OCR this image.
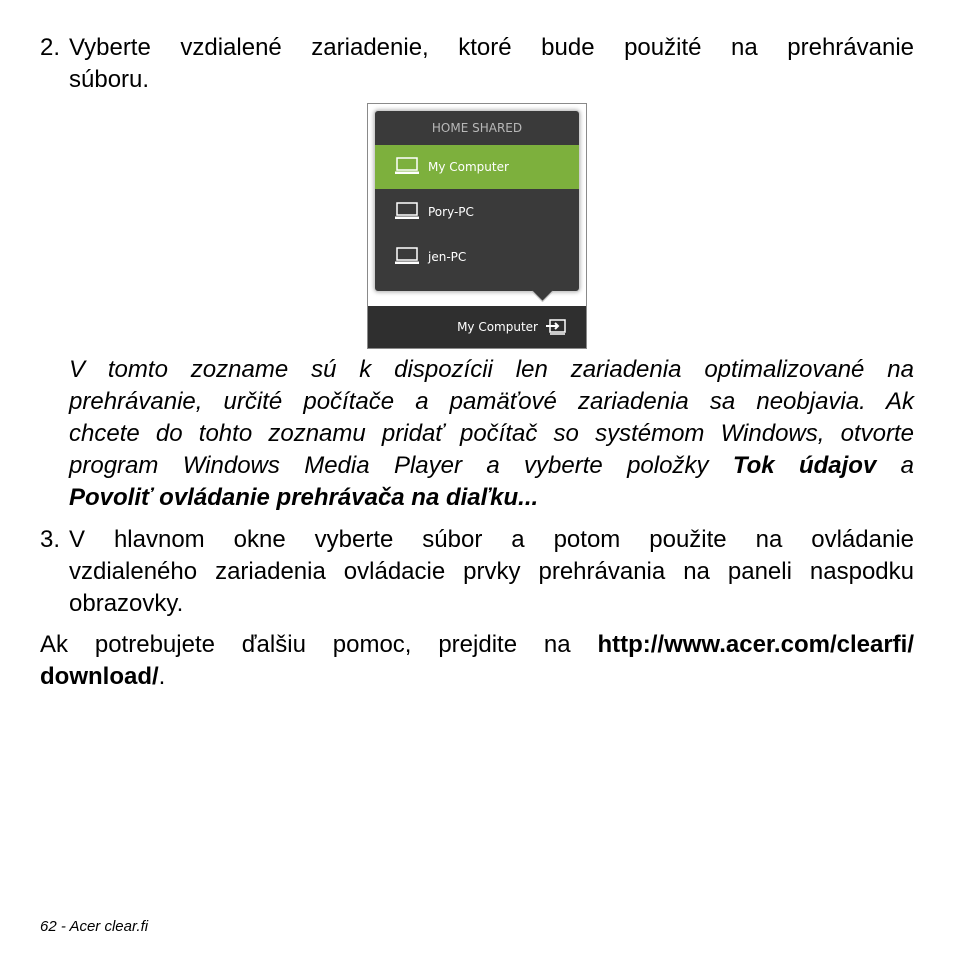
2. Vyberte vzdialené zariadenie, ktoré bude použité na prehrávanie
súboru.
HOME SHARED
My Computer
Pory-PC
jen-PC
My Computer
V tomto zozname sú k dispozícii len zariadenia optimalizované na
prehrávanie, určité počítače a pamäťové zariadenia sa neobjavia. Ak
chcete do tohto zoznamu pridať počítač so systémom Windows, otvorte
program Windows Media Player a vyberte položky Tok údajov a
Povoliť ovládanie prehrávača na diaľku...
3. V hlavnom okne vyberte súbor a potom použite na ovládanie
vzdialeného zariadenia ovládacie prvky prehrávania na paneli naspodku
obrazovky.
Ak potrebujete ďalšiu pomoc, prejdite na http://www.acer.com/clearfi/
download/.
62 - Acer clear.fi
